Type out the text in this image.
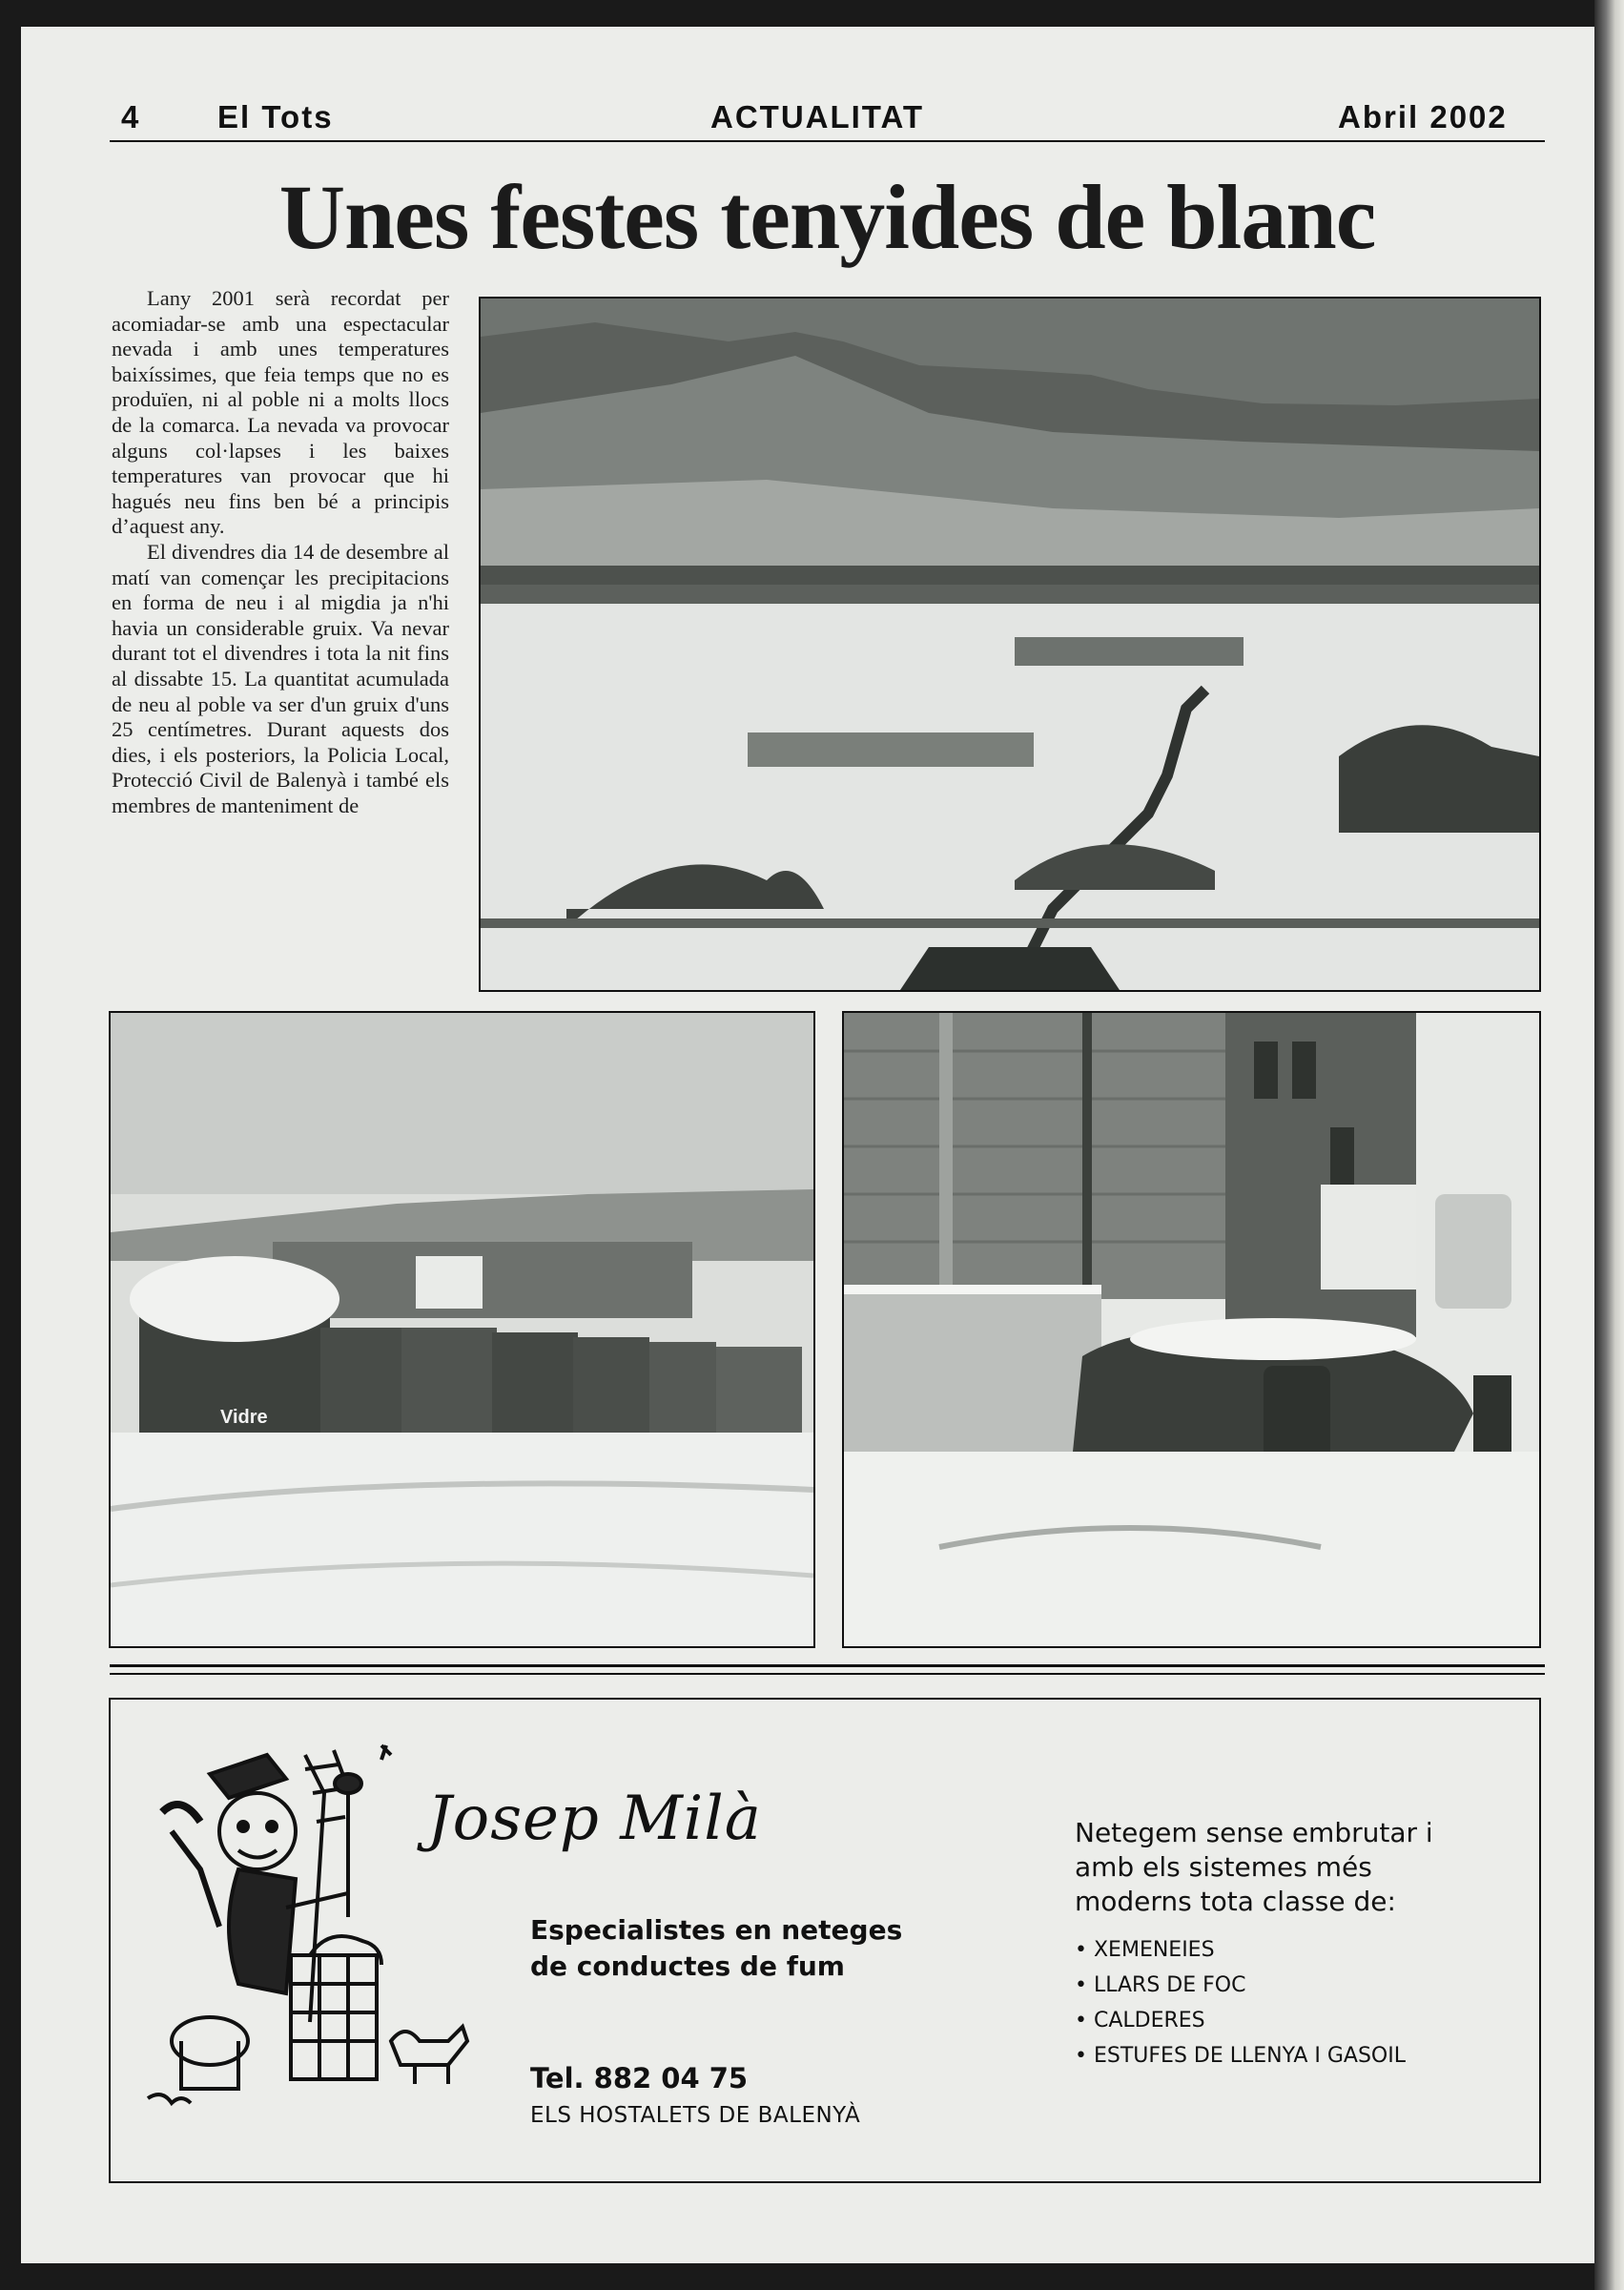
4 El Tots	ACTUALITAT	Abril 2002
Unes festes tenyides de blanc

Lany 2001 serà recordat per acomiadar-se amb una espectacular nevada i amb unes temperatures baixíssimes, que feia temps que no es produïen, ni al poble ni a molts llocs de la comarca. La nevada va provocar alguns col·lapses i les baixes temperatures van provocar que hi hagués neu fins ben bé a principis d’aquest any.

El divendres dia 14 de desembre al matí van començar les precipitacions en forma de neu i al migdia ja n'hi havia un considerable gruix. Va nevar durant tot el divendres i tota la nit fins al dissabte 15. La quantitat acumulada de neu al poble va ser d'un gruix d'uns 25 centímetres. Durant aquests dos dies, i els posteriors, la Policia Local, Protecció Civil de Balenyà i també els membres de manteniment de

Vidre
Josep Milà
Especialistes en neteges de conductes de fum
Tel. 882 04 75
ELS HOSTALETS DE BALENYÀ
Netegem sense embrutar i amb els sistemes més moderns tota classe de:
• XEMENEIES
• LLARS DE FOC
• CALDERES
• ESTUFES DE LLENYA I GASOIL
